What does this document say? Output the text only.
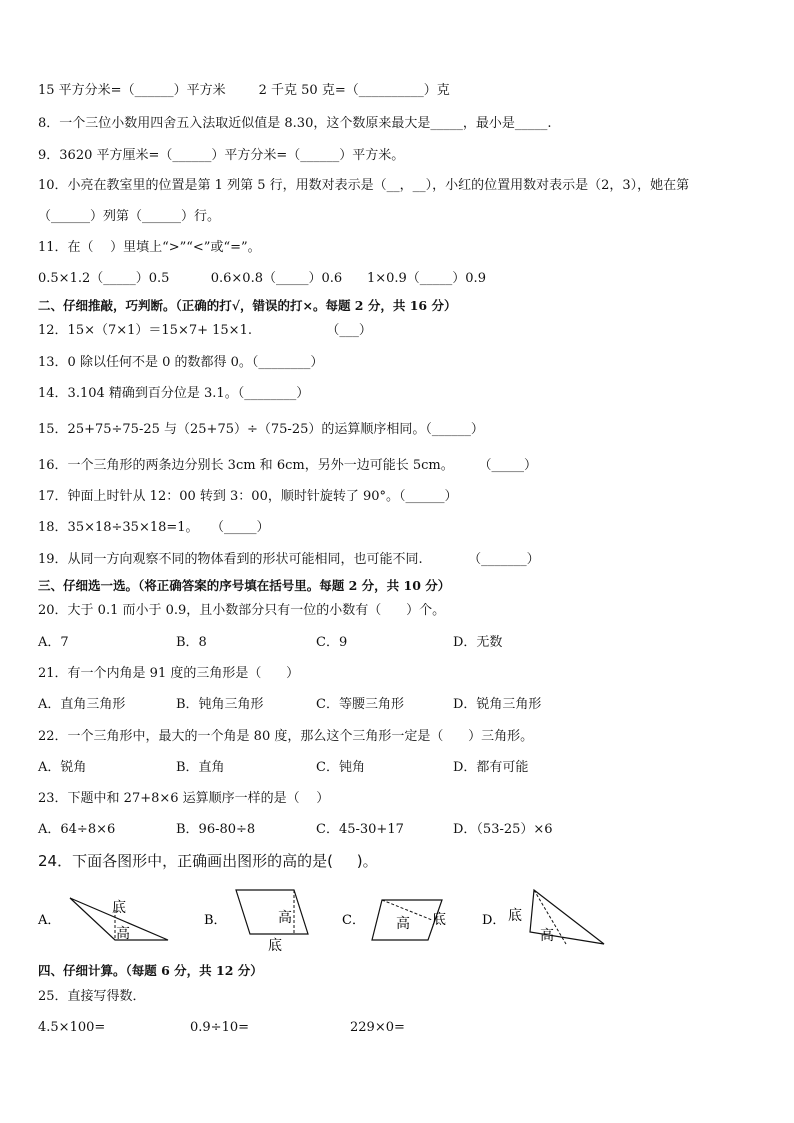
15 平方分米=（______）平方米        2 千克 50 克=（__________）克
8．一个三位小数用四舍五入法取近似值是 8.30，这个数原来最大是_____，最小是_____.
9．3620 平方厘米=（______）平方分米=（______）平方米。
10．小亮在教室里的位置是第 1 列第 5 行，用数对表示是（__，__），小红的位置用数对表示是（2，3），她在第
（______）列第（______）行。
11．在（    ）里填上“>”“<”或“=”。
0.5×1.2（_____）0.5          0.6×0.8（_____）0.6      1×0.9（_____）0.9
二、仔细推敲，巧判断。（正确的打√，错误的打×。每题 2 分，共 16 分）
12．15×（7×1）＝15×7+ 15×1.                  （___）
13．0 除以任何不是 0 的数都得 0。（________）
14．3.104 精确到百分位是 3.1。（________）
15．25+75÷75-25 与（25+75）÷（75-25）的运算顺序相同。（______）
16．一个三角形的两条边分别长 3cm 和 6cm，另外一边可能长 5cm。      （_____）
17．钟面上时针从 12：00 转到 3：00，顺时针旋转了 90°。（______）
18．35×18÷35×18=1。   （_____）
19．从同一方向观察不同的物体看到的形状可能相同，也可能不同.           （_______）
三、仔细选一选。（将正确答案的序号填在括号里。每题 2 分，共 10 分）
20．大于 0.1 而小于 0.9，且小数部分只有一位的小数有（      ）个。
A．7	B．8	C．9	D．无数
21．有一个内角是 91 度的三角形是（      ）
A．直角三角形	B．钝角三角形	C．等腰三角形	D．锐角三角形
22．一个三角形中，最大的一个角是 80 度，那么这个三角形一定是（      ）三角形。
A．锐角	B．直角	C．钝角	D．都有可能
23．下题中和 27+8×6 运算顺序一样的是（    ）
A．64÷8×6	B．96-80÷8	C．45-30+17	D．（53-25）×6
24．下面各图形中，正确画出图形的高的是(     )。
A．
底
高
B．	高
底
C． 高 底	D． 底
高
四、仔细计算。（每题 6 分，共 12 分）
25．直接写得数．
4.5×100=	0.9÷10=	229×0=
